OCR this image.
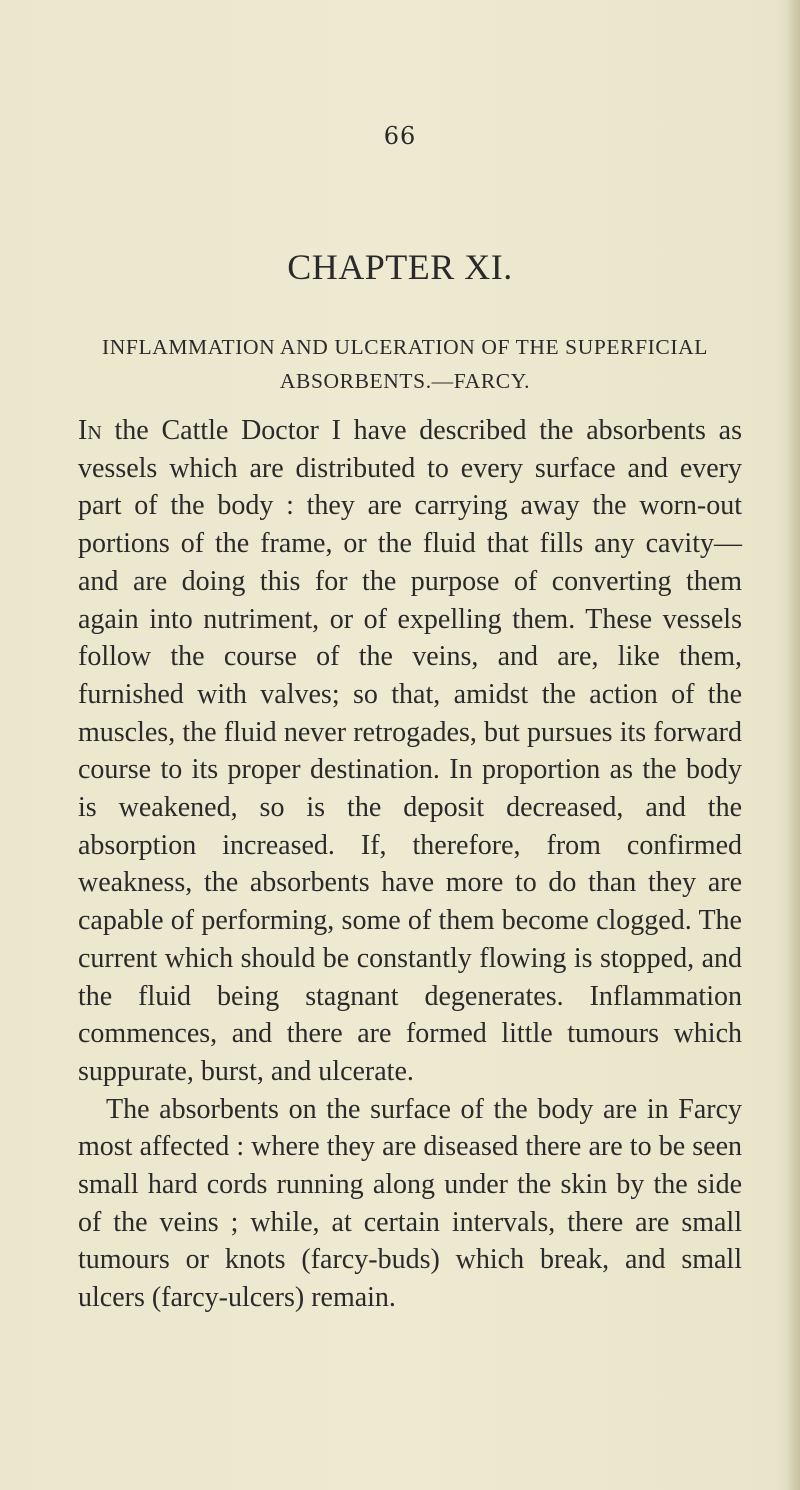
66
CHAPTER XI.
INFLAMMATION AND ULCERATION OF THE SUPERFICIAL
ABSORBENTS.—FARCY.

In the Cattle Doctor I have described the absorbents as vessels which are distributed to every surface and every part of the body : they are carrying away the worn-out portions of the frame, or the fluid that fills any cavity—and are doing this for the purpose of converting them again into nutriment, or of expelling them. These vessels follow the course of the veins, and are, like them, furnished with valves; so that, amidst the action of the muscles, the fluid never retrogades, but pursues its forward course to its proper destination. In proportion as the body is weakened, so is the deposit decreased, and the absorption increased. If, therefore, from confirmed weakness, the absorbents have more to do than they are capable of performing, some of them become clogged. The current which should be constantly flowing is stopped, and the fluid being stagnant degenerates. Inflammation commences, and there are formed little tumours which suppurate, burst, and ulcerate.

The absorbents on the surface of the body are in Farcy most affected : where they are diseased there are to be seen small hard cords running along under the skin by the side of the veins ; while, at certain intervals, there are small tumours or knots (farcy-buds) which break, and small ulcers (farcy-ulcers) remain.
